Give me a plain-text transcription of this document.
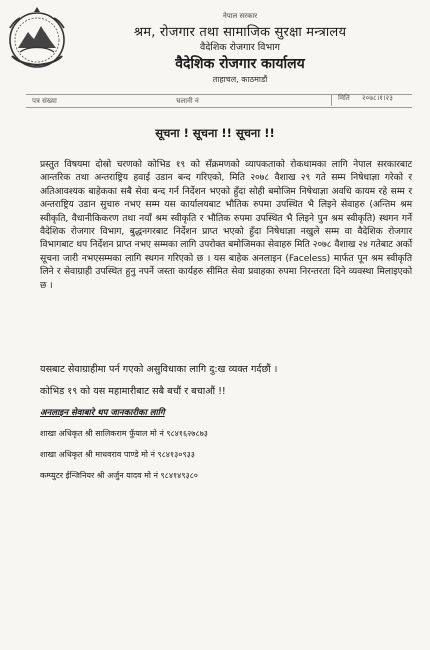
नेपाल सरकार
श्रम, रोजगार तथा सामाजिक सुरक्षा मन्त्रालय
वैदेशिक रोजगार विभाग
वैदेशिक रोजगार कार्यालय
ताहाचल, काठमाडौं
पत्र संख्या	चलानी नं	मिति २०७८।१।२३
सूचना ! सूचना !! सूचना !!
प्रस्तुत विषयमा दोस्रो चरणको कोभिड १९ को सँक्रमणको व्यापकताको रोकथामका लागि नेपाल सरकारबाट आन्तरिक तथा अन्तराष्ट्रिय हवाई उडान बन्द गरिएको, मिति २०७८ वैशाख २९ गते सम्म निषेधाज्ञा गरेको र अतिआवश्यक बाहेकका सबै सेवा बन्द गर्न निर्देशन भएको हुँदा सोही बमोजिम निषेधाज्ञा अवधि कायम रहे सम्म र अन्तराष्ट्रिय उडान सुचारु नभए सम्म यस कार्यालयबाट भौतिक रुपमा उपस्थित भै लिइने सेवाहरु (अन्तिम श्रम स्वीकृति, वैधानीकिकरण तथा नयाँ श्रम स्वीकृति र भौतिक रुपमा उपस्थित भै लिइने पुन श्रम स्वीकृति) स्थगन गर्ने वैदेशिक रोजगार विभाग, बुद्धनगरबाट निर्देशन प्राप्त भएको हुँदा निषेधाज्ञा नखुले सम्म वा वैदेशिक रोजगार विभागबाट थप निर्देशन प्राप्त नभए सम्मका लागि उपरोक्त बमोजिमका सेवाहरु मिति २०७८ वैशाख २४ गतेबाट अर्को सूचना जारी नभएसम्मका लागि स्थगन गरिएको छ । यस बाहेक अनलाइन (Faceless) मार्फत पून श्रम स्वीकृति लिने र सेवाग्राही उपस्थित हुनु नपर्ने जस्ता कार्यहरु सीमित सेवा प्रवाहका रुपमा निरन्तरता दिने व्यवस्था मिलाइएको छ ।
यसबाट सेवाग्राहीमा पर्न गएको असुविधाका लागि दु:ख व्यक्त गर्दछौं ।
कोभिड १९ को यस महामारीबाट सबै बचौं र बचाऔं !!
अनलाइन सेवाबारे थप जानकारीका लागि
शाखा अधिकृत श्री सालिकराम फुँयाल मो नं ९८४१६२७८७३
शाखा अधिकृत श्री माधवराव पाण्डे मो नं ९८४१३०९३३
कम्प्युटर ईन्जिनियर श्री अर्जुन यादव मो नं ९८४१४९३८०
